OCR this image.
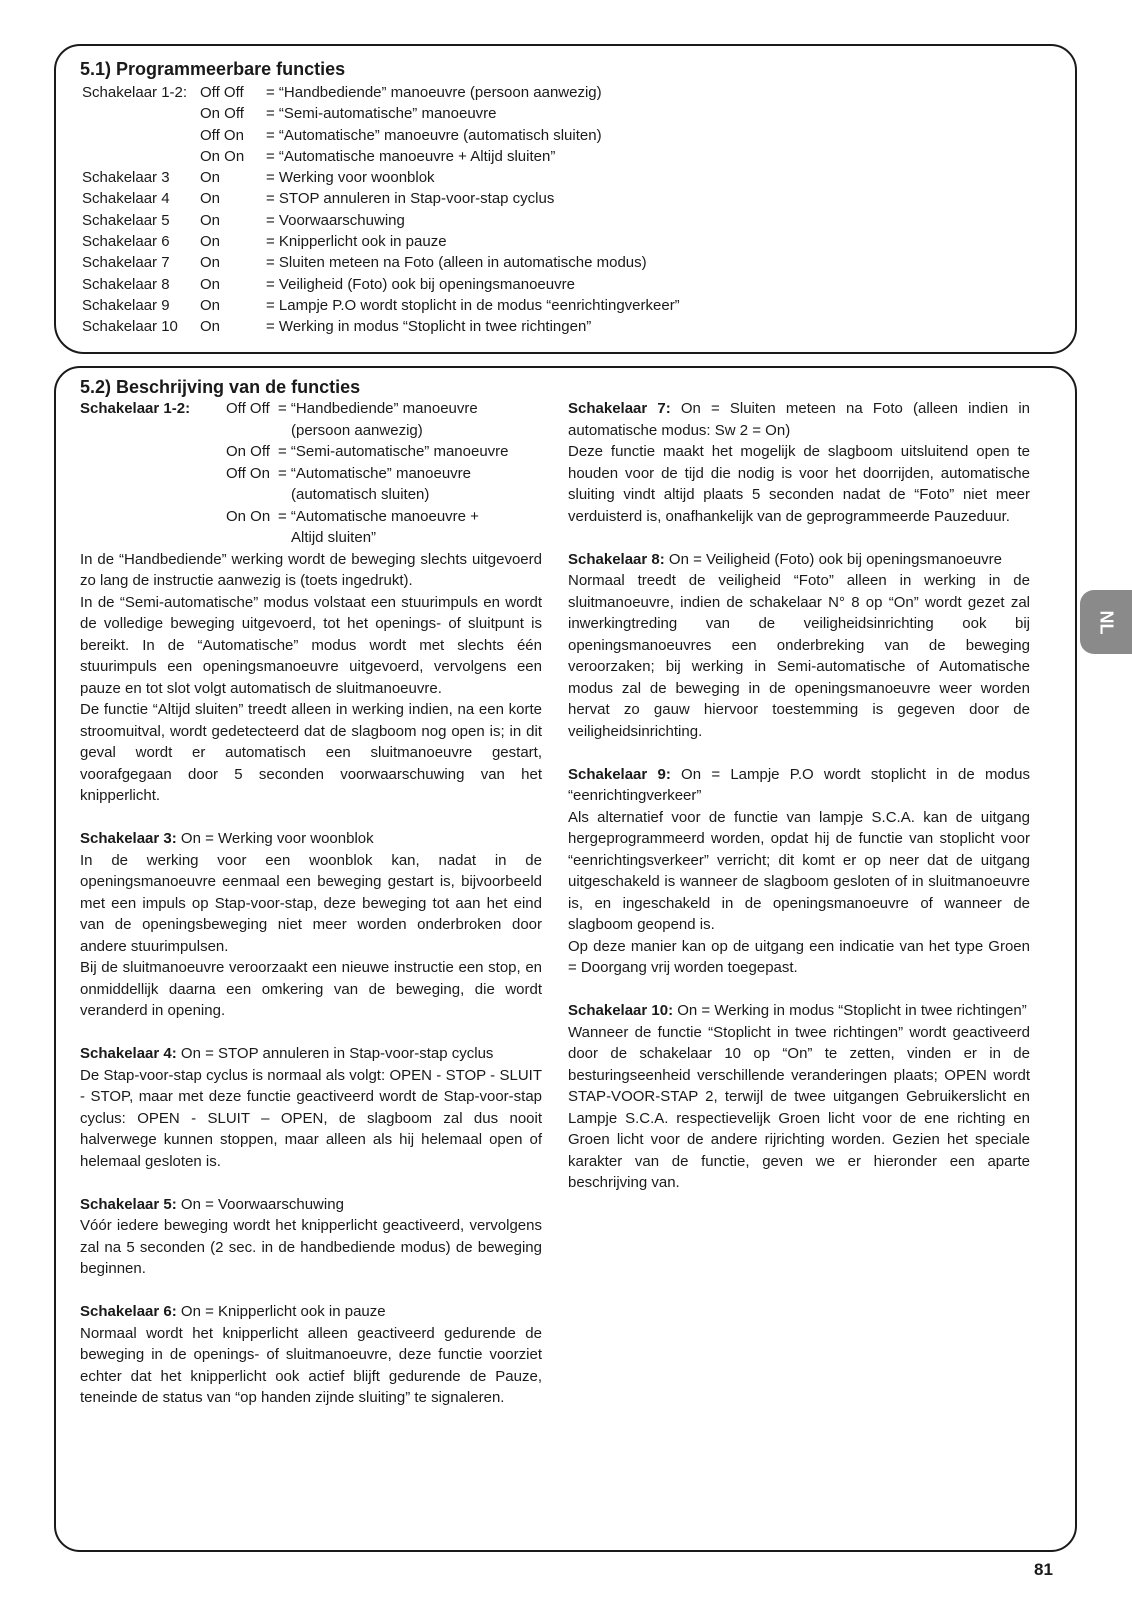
5.1) Programmeerbare functies
Schakelaar 1-2:	Off Off	= “Handbediende” manoeuvre (persoon aanwezig)
	On Off	= “Semi-automatische” manoeuvre
	Off On	= “Automatische” manoeuvre (automatisch sluiten)
	On On	= “Automatische manoeuvre + Altijd sluiten”
Schakelaar 3	On	= Werking voor woonblok
Schakelaar 4	On	= STOP annuleren in Stap-voor-stap cyclus
Schakelaar 5	On	= Voorwaarschuwing
Schakelaar 6	On	= Knipperlicht ook in pauze
Schakelaar 7	On	= Sluiten meteen na Foto (alleen in automatische modus)
Schakelaar 8	On	= Veiligheid (Foto) ook bij openingsmanoeuvre
Schakelaar 9	On	= Lampje P.O wordt stoplicht in de modus “eenrichtingverkeer”
Schakelaar 10	On	= Werking in modus “Stoplicht in twee richtingen”
5.2) Beschrijving van de functies
Schakelaar 1-2:	Off Off	= “Handbediende” manoeuvre
		(persoon aanwezig)
	On Off	= “Semi-automatische” manoeuvre
	Off On	= “Automatische” manoeuvre
		(automatisch sluiten)
	On On	= “Automatische manoeuvre +
		Altijd sluiten”

In de “Handbediende” werking wordt de beweging slechts uitgevoerd zo lang de instructie aanwezig is (toets ingedrukt).

In de “Semi-automatische” modus volstaat een stuurimpuls en wordt de volledige beweging uitgevoerd, tot het openings- of sluitpunt is bereikt. In de “Automatische” modus wordt met slechts één stuurimpuls een openingsmanoeuvre uitgevoerd, vervolgens een pauze en tot slot volgt automatisch de sluitmanoeuvre.

De functie “Altijd sluiten” treedt alleen in werking indien, na een korte stroomuitval, wordt gedetecteerd dat de slagboom nog open is; in dit geval wordt er automatisch een sluitmanoeuvre gestart, voorafgegaan door 5 seconden voorwaarschuwing van het knipperlicht.

Schakelaar 3: On = Werking voor woonblok

In de werking voor een woonblok kan, nadat in de openingsmanoeuvre eenmaal een beweging gestart is, bijvoorbeeld met een impuls op Stap-voor-stap, deze beweging tot aan het eind van de openingsbeweging niet meer worden onderbroken door andere stuurimpulsen.

Bij de sluitmanoeuvre veroorzaakt een nieuwe instructie een stop, en onmiddellijk daarna een omkering van de beweging, die wordt veranderd in opening.

Schakelaar 4: On = STOP annuleren in Stap-voor-stap cyclus

De Stap-voor-stap cyclus is normaal als volgt: OPEN - STOP - SLUIT - STOP, maar met deze functie geactiveerd wordt de Stap-voor-stap cyclus: OPEN - SLUIT – OPEN, de slagboom zal dus nooit halverwege kunnen stoppen, maar alleen als hij helemaal open of helemaal gesloten is.

Schakelaar 5: On = Voorwaarschuwing

Vóór iedere beweging wordt het knipperlicht geactiveerd, vervolgens zal na 5 seconden (2 sec. in de handbediende modus) de beweging beginnen.

Schakelaar 6: On = Knipperlicht ook in pauze

Normaal wordt het knipperlicht alleen geactiveerd gedurende de beweging in de openings- of sluitmanoeuvre, deze functie voorziet echter dat het knipperlicht ook actief blijft gedurende de Pauze, teneinde de status van “op handen zijnde sluiting” te signaleren.

Schakelaar 7: On = Sluiten meteen na Foto (alleen indien in automatische modus: Sw 2 = On)

Deze functie maakt het mogelijk de slagboom uitsluitend open te houden voor de tijd die nodig is voor het doorrijden, automatische sluiting vindt altijd plaats 5 seconden nadat de “Foto” niet meer verduisterd is, onafhankelijk van de geprogrammeerde Pauzeduur.

Schakelaar 8: On = Veiligheid (Foto) ook bij openingsmanoeuvre

Normaal treedt de veiligheid “Foto” alleen in werking in de sluitmanoeuvre, indien de schakelaar N° 8 op “On” wordt gezet zal inwerkingtreding van de veiligheidsinrichting ook bij openingsmanoeuvres een onderbreking van de beweging veroorzaken; bij werking in Semi-automatische of Automatische modus zal de beweging in de openingsmanoeuvre weer worden hervat zo gauw hiervoor toestemming is gegeven door de veiligheidsinrichting.

Schakelaar 9: On = Lampje P.O wordt stoplicht in de modus “eenrichtingverkeer”

Als alternatief voor de functie van lampje S.C.A. kan de uitgang hergeprogrammeerd worden, opdat hij de functie van stoplicht voor “eenrichtingsverkeer” verricht; dit komt er op neer dat de uitgang uitgeschakeld is wanneer de slagboom gesloten of in sluitmanoeuvre is, en ingeschakeld in de openingsmanoeuvre of wanneer de slagboom geopend is.

Op deze manier kan op de uitgang een indicatie van het type Groen = Doorgang vrij worden toegepast.

Schakelaar 10: On = Werking in modus “Stoplicht in twee richtingen”

Wanneer de functie “Stoplicht in twee richtingen” wordt geactiveerd door de schakelaar 10 op “On” te zetten, vinden er in de besturingseenheid verschillende veranderingen plaats; OPEN wordt STAP-VOOR-STAP 2, terwijl de twee uitgangen Gebruikerslicht en Lampje S.C.A. respectievelijk Groen licht voor de ene richting en Groen licht voor de andere rijrichting worden. Gezien het speciale karakter van de functie, geven we er hieronder een aparte beschrijving van.

NL
81
